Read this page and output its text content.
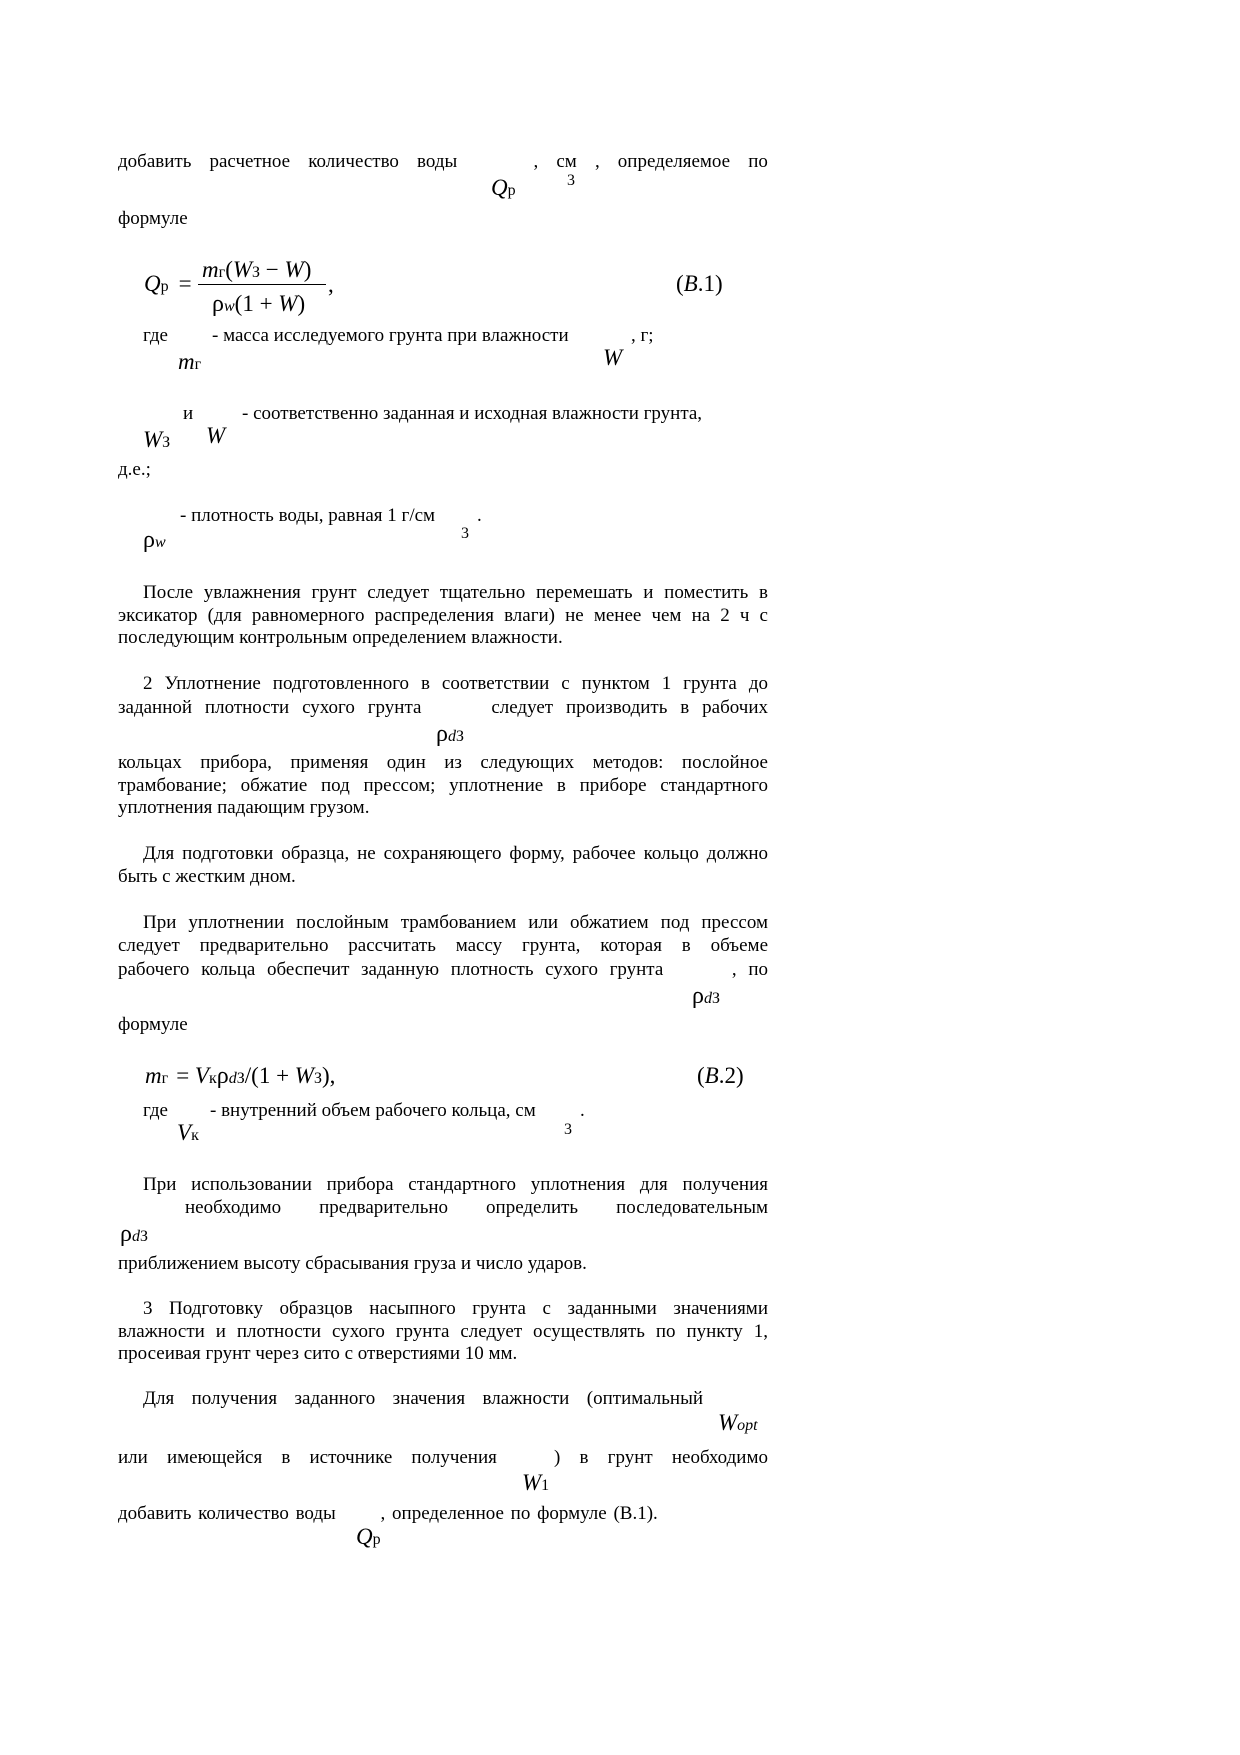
добавить расчетное количество воды	, см , определяемое по
Qр
3
формуле
Qр =
mг(WЗ − W)
ρw(1 + W)
,	(B.1)
где - масса исследуемого грунта при влажности	, г;
mг	W
и	- соответственно заданная и исходная влажности грунта,
WЗ W
д.е.;
- плотность воды, равная 1 г/см .
3
ρw
После увлажнения грунт следует тщательно перемешать и поместить в эксикатор (для равномерного распределения влаги) не менее чем на 2 ч с последующим контрольным определением влажности.
2 Уплотнение подготовленного в соответствии с пунктом 1 грунта до
заданной плотности сухого грунта    следует производить в рабочих
ρdЗ
кольцах прибора, применяя один из следующих методов: послойное трамбование; обжатие под прессом; уплотнение в приборе стандартного уплотнения падающим грузом.
Для подготовки образца, не сохраняющего форму, рабочее кольцо должно быть с жестким дном.
При уплотнении послойным трамбованием или обжатием под прессом следует предварительно рассчитать массу грунта, которая в объеме
рабочего кольца обеспечит заданную плотность сухого грунта    , по
ρdЗ
формуле
mг = VкρdЗ/(1 + WЗ),	(B.2)
где - внутренний объем рабочего кольца, см .
3
Vк
При использовании прибора стандартного уплотнения для получения
необходимо предварительно определить последовательным
ρdЗ
приближением высоту сбрасывания груза и число ударов.
3 Подготовку образцов насыпного грунта с заданными значениями влажности и плотности сухого грунта следует осуществлять по пункту 1, просеивая грунт через сито с отверстиями 10 мм.
Для получения заданного значения влажности (оптимальный
Wopt
или имеющейся в источнике получения   ) в грунт необходимо
W1
добавить количество воды   , определенное по формуле (В.1).
Qр
